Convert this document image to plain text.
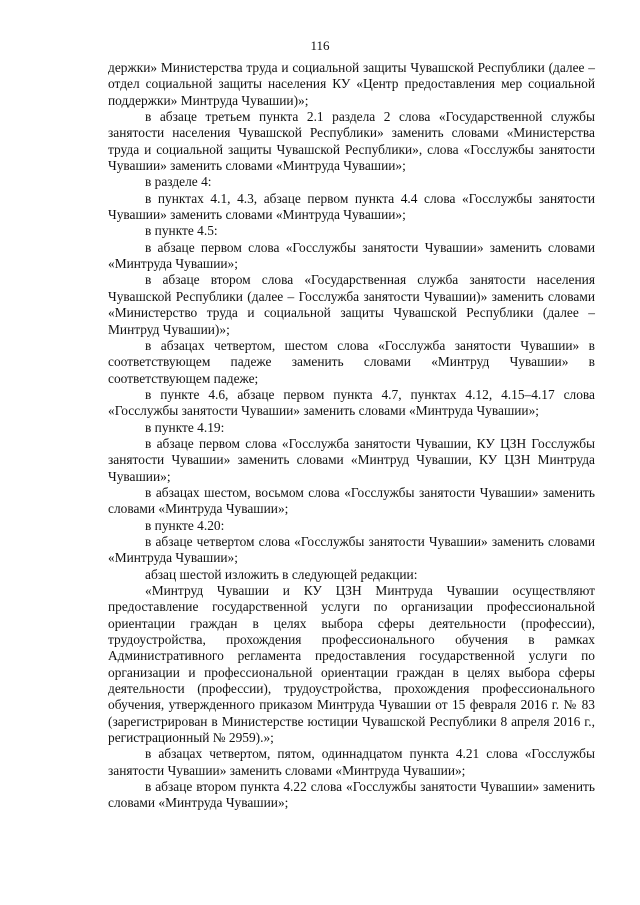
116

держки» Министерства труда и социальной защиты Чувашской Республики (далее – отдел социальной защиты населения КУ «Центр предоставления мер социальной поддержки» Минтруда Чувашии)»;

в абзаце третьем пункта 2.1 раздела 2 слова «Государственной службы занятости населения Чувашской Республики» заменить словами «Министерства труда и социальной защиты Чувашской Республики», слова «Госслужбы занятости Чувашии» заменить словами «Минтруда Чувашии»;

в разделе 4:

в пунктах 4.1, 4.3, абзаце первом пункта 4.4 слова «Госслужбы занятости Чувашии» заменить словами «Минтруда Чувашии»;

в пункте 4.5:

в абзаце первом слова «Госслужбы занятости Чувашии» заменить словами «Минтруда Чувашии»;

в абзаце втором слова «Государственная служба занятости населения Чувашской Республики (далее – Госслужба занятости Чувашии)» заменить словами «Министерство труда и социальной защиты Чувашской Республики (далее – Минтруд Чувашии)»;

в абзацах четвертом, шестом слова «Госслужба занятости Чувашии» в соответствующем падеже заменить словами «Минтруд Чувашии» в соответствующем падеже;

в пункте 4.6, абзаце первом пункта 4.7, пунктах 4.12, 4.15–4.17 слова «Госслужбы занятости Чувашии» заменить словами «Минтруда Чувашии»;

в пункте 4.19:

в абзаце первом слова «Госслужба занятости Чувашии, КУ ЦЗН Госслужбы занятости Чувашии» заменить словами «Минтруд Чувашии, КУ ЦЗН Минтруда Чувашии»;

в абзацах шестом, восьмом слова «Госслужбы занятости Чувашии» заменить словами «Минтруда Чувашии»;

в пункте 4.20:

в абзаце четвертом слова «Госслужбы занятости Чувашии» заменить словами «Минтруда Чувашии»;

абзац шестой изложить в следующей редакции:

«Минтруд Чувашии и КУ ЦЗН Минтруда Чувашии осуществляют предоставление государственной услуги по организации профессиональной ориентации граждан в целях выбора сферы деятельности (профессии), трудоустройства, прохождения профессионального обучения в рамках Административного регламента предоставления государственной услуги по организации и профессиональной ориентации граждан в целях выбора сферы деятельности (профессии), трудоустройства, прохождения профессионального обучения, утвержденного приказом Минтруда Чувашии от 15 февраля 2016 г. № 83 (зарегистрирован в Министерстве юстиции Чувашской Республики 8 апреля 2016 г., регистрационный № 2959).»;

в абзацах четвертом, пятом, одиннадцатом пункта 4.21 слова «Госслужбы занятости Чувашии» заменить словами «Минтруда Чувашии»;

в абзаце втором пункта 4.22 слова «Госслужбы занятости Чувашии» заменить словами «Минтруда Чувашии»;
